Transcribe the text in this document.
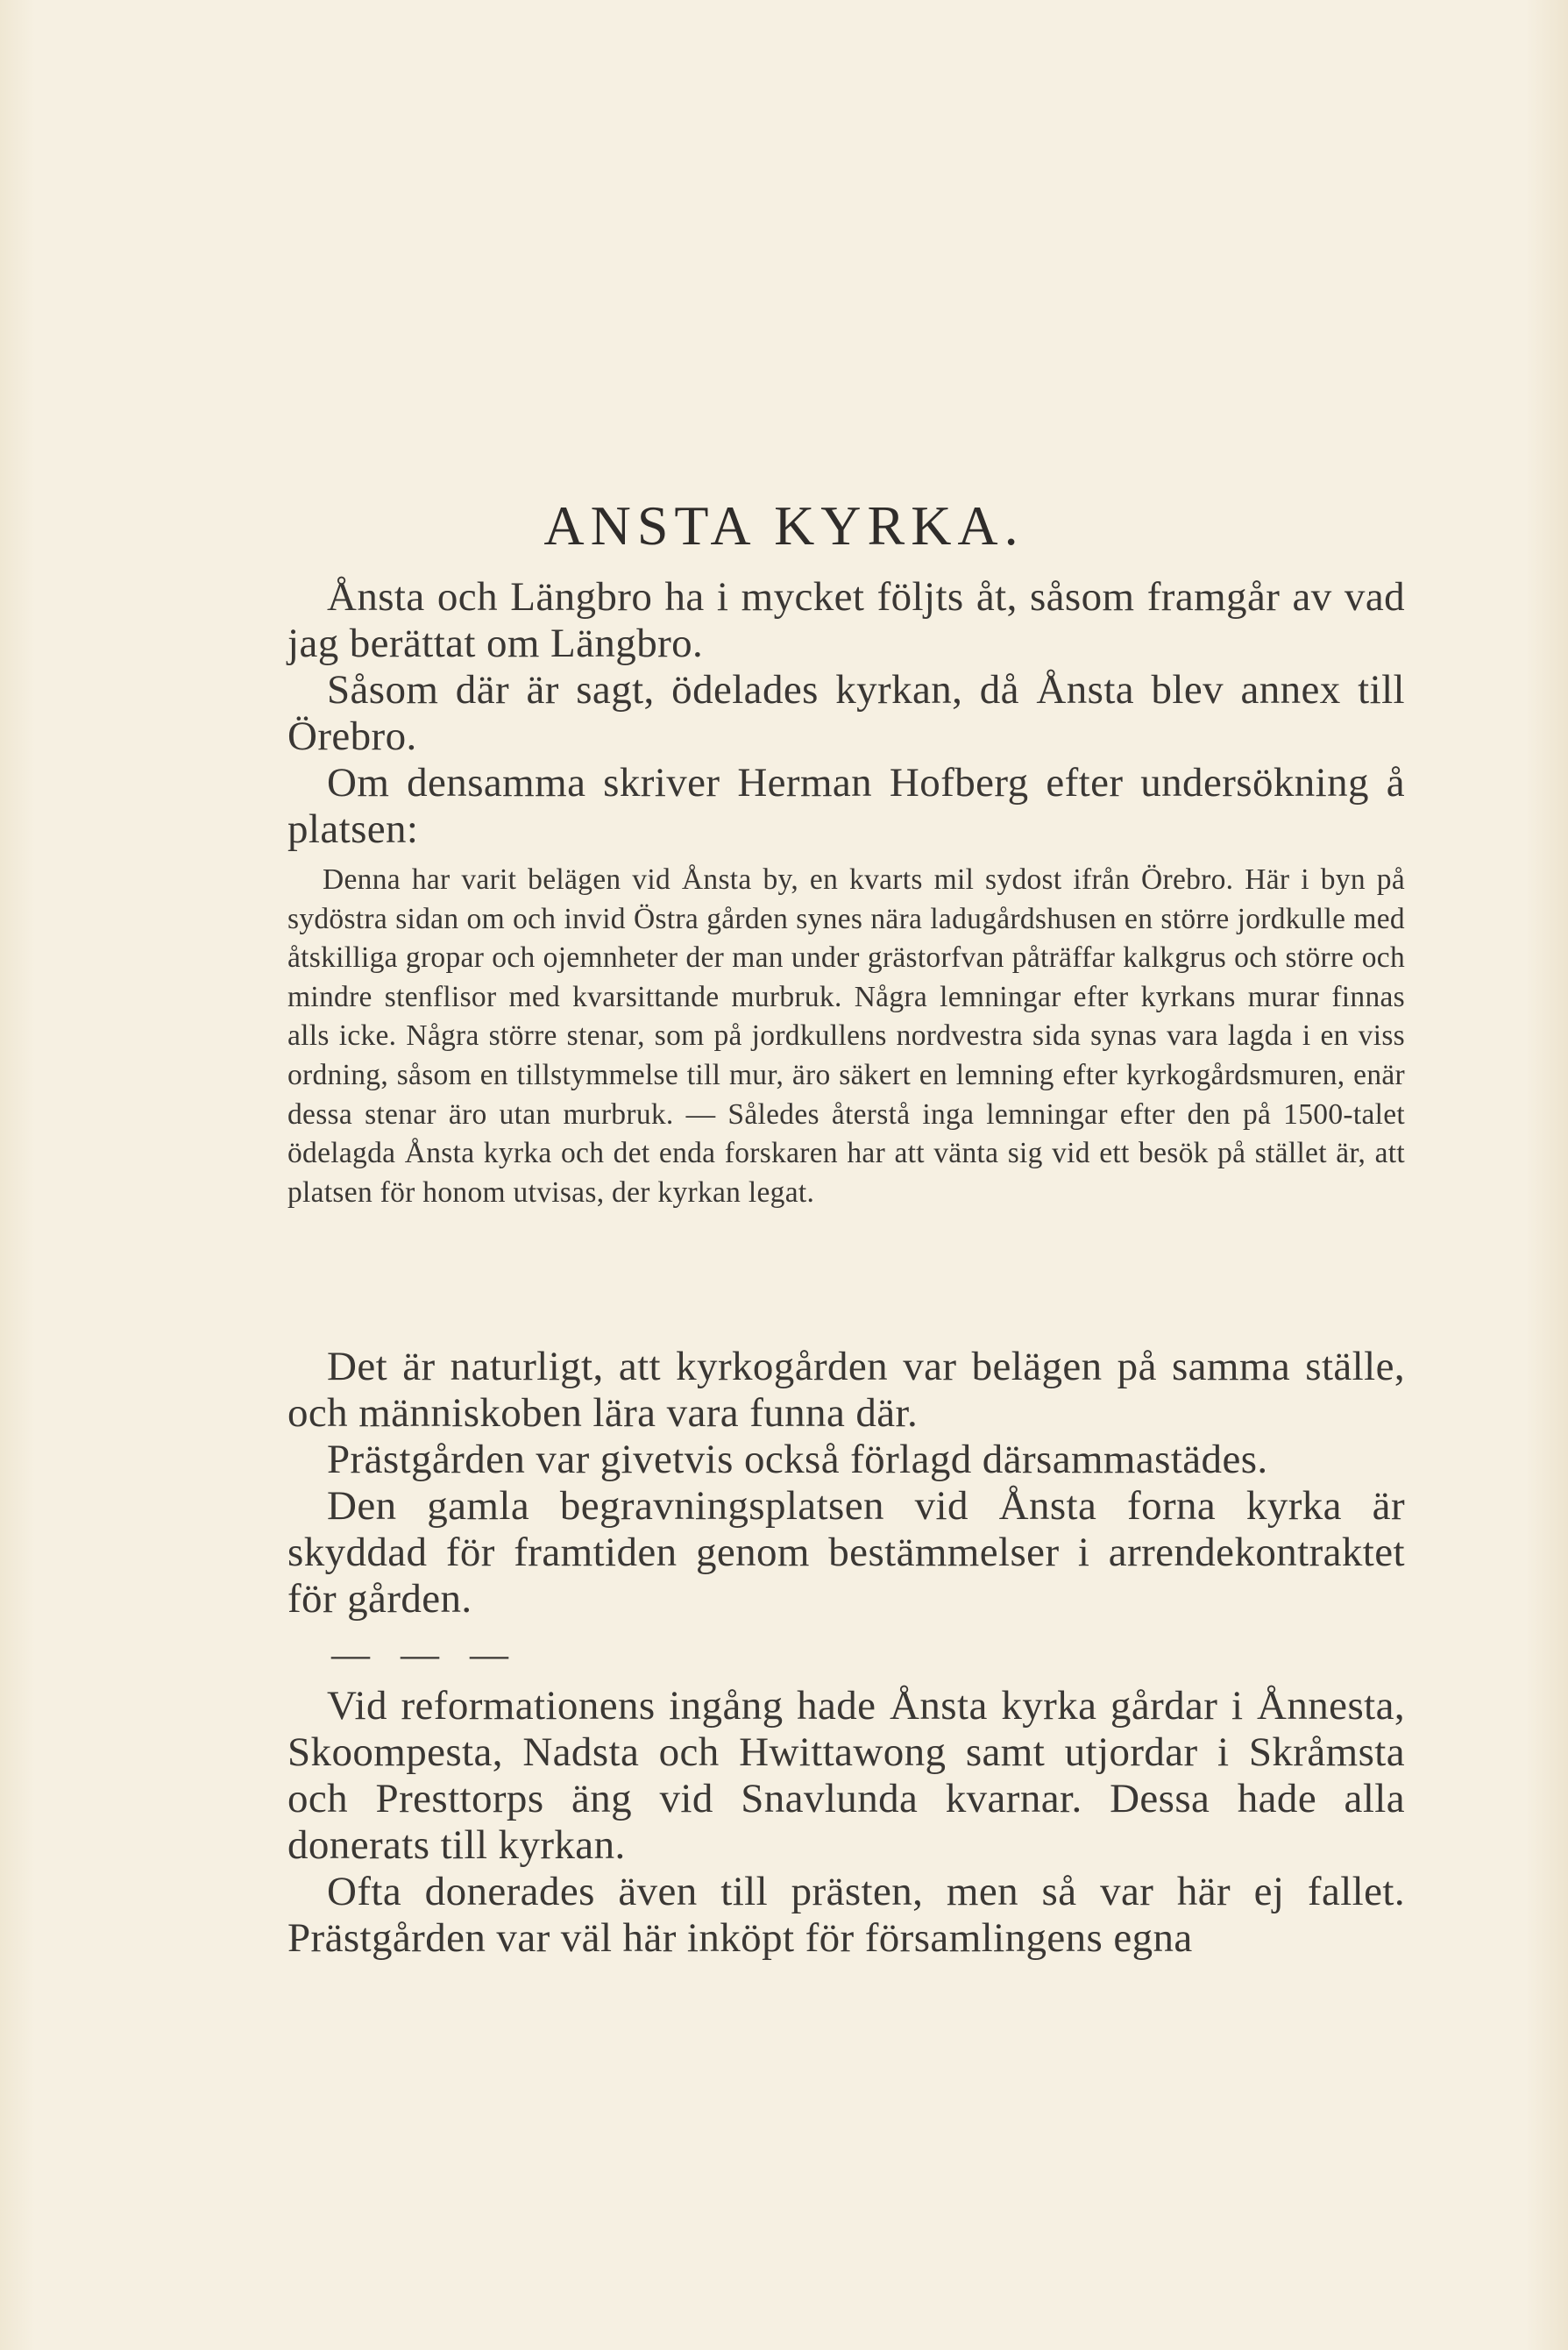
ANSTA KYRKA.

Ånsta och Längbro ha i mycket följts åt, såsom framgår av vad jag berättat om Längbro.

Såsom där är sagt, ödelades kyrkan, då Ånsta blev annex till Örebro.

Om densamma skriver Herman Hofberg efter undersökning å platsen:

Denna har varit belägen vid Ånsta by, en kvarts mil sydost ifrån Örebro. Här i byn på sydöstra sidan om och invid Östra gården synes nära ladugårdshusen en större jordkulle med åtskilliga gropar och ojemnheter der man under grästorfvan påträffar kalkgrus och större och mindre stenflisor med kvarsittande murbruk. Några lemningar efter kyrkans murar finnas alls icke. Några större stenar, som på jordkullens nordvestra sida synas vara lagda i en viss ordning, såsom en tillstymmelse till mur, äro säkert en lemning efter kyrkogårdsmuren, enär dessa stenar äro utan murbruk. — Således återstå inga lemningar efter den på 1500-talet ödelagda Ånsta kyrka och det enda forskaren har att vänta sig vid ett besök på stället är, att platsen för honom utvisas, der kyrkan legat.

Det är naturligt, att kyrkogården var belägen på samma ställe, och människoben lära vara funna där.

Prästgården var givetvis också förlagd därsammastädes.

Den gamla begravningsplatsen vid Ånsta forna kyrka är skyddad för framtiden genom bestämmelser i arrendekontraktet för gården.

— — —

Vid reformationens ingång hade Ånsta kyrka gårdar i Ånnesta, Skoompesta, Nadsta och Hwittawong samt utjordar i Skråmsta och Presttorps äng vid Snavlunda kvarnar. Dessa hade alla donerats till kyrkan.

Ofta donerades även till prästen, men så var här ej fallet. Prästgården var väl här inköpt för församlingens egna
